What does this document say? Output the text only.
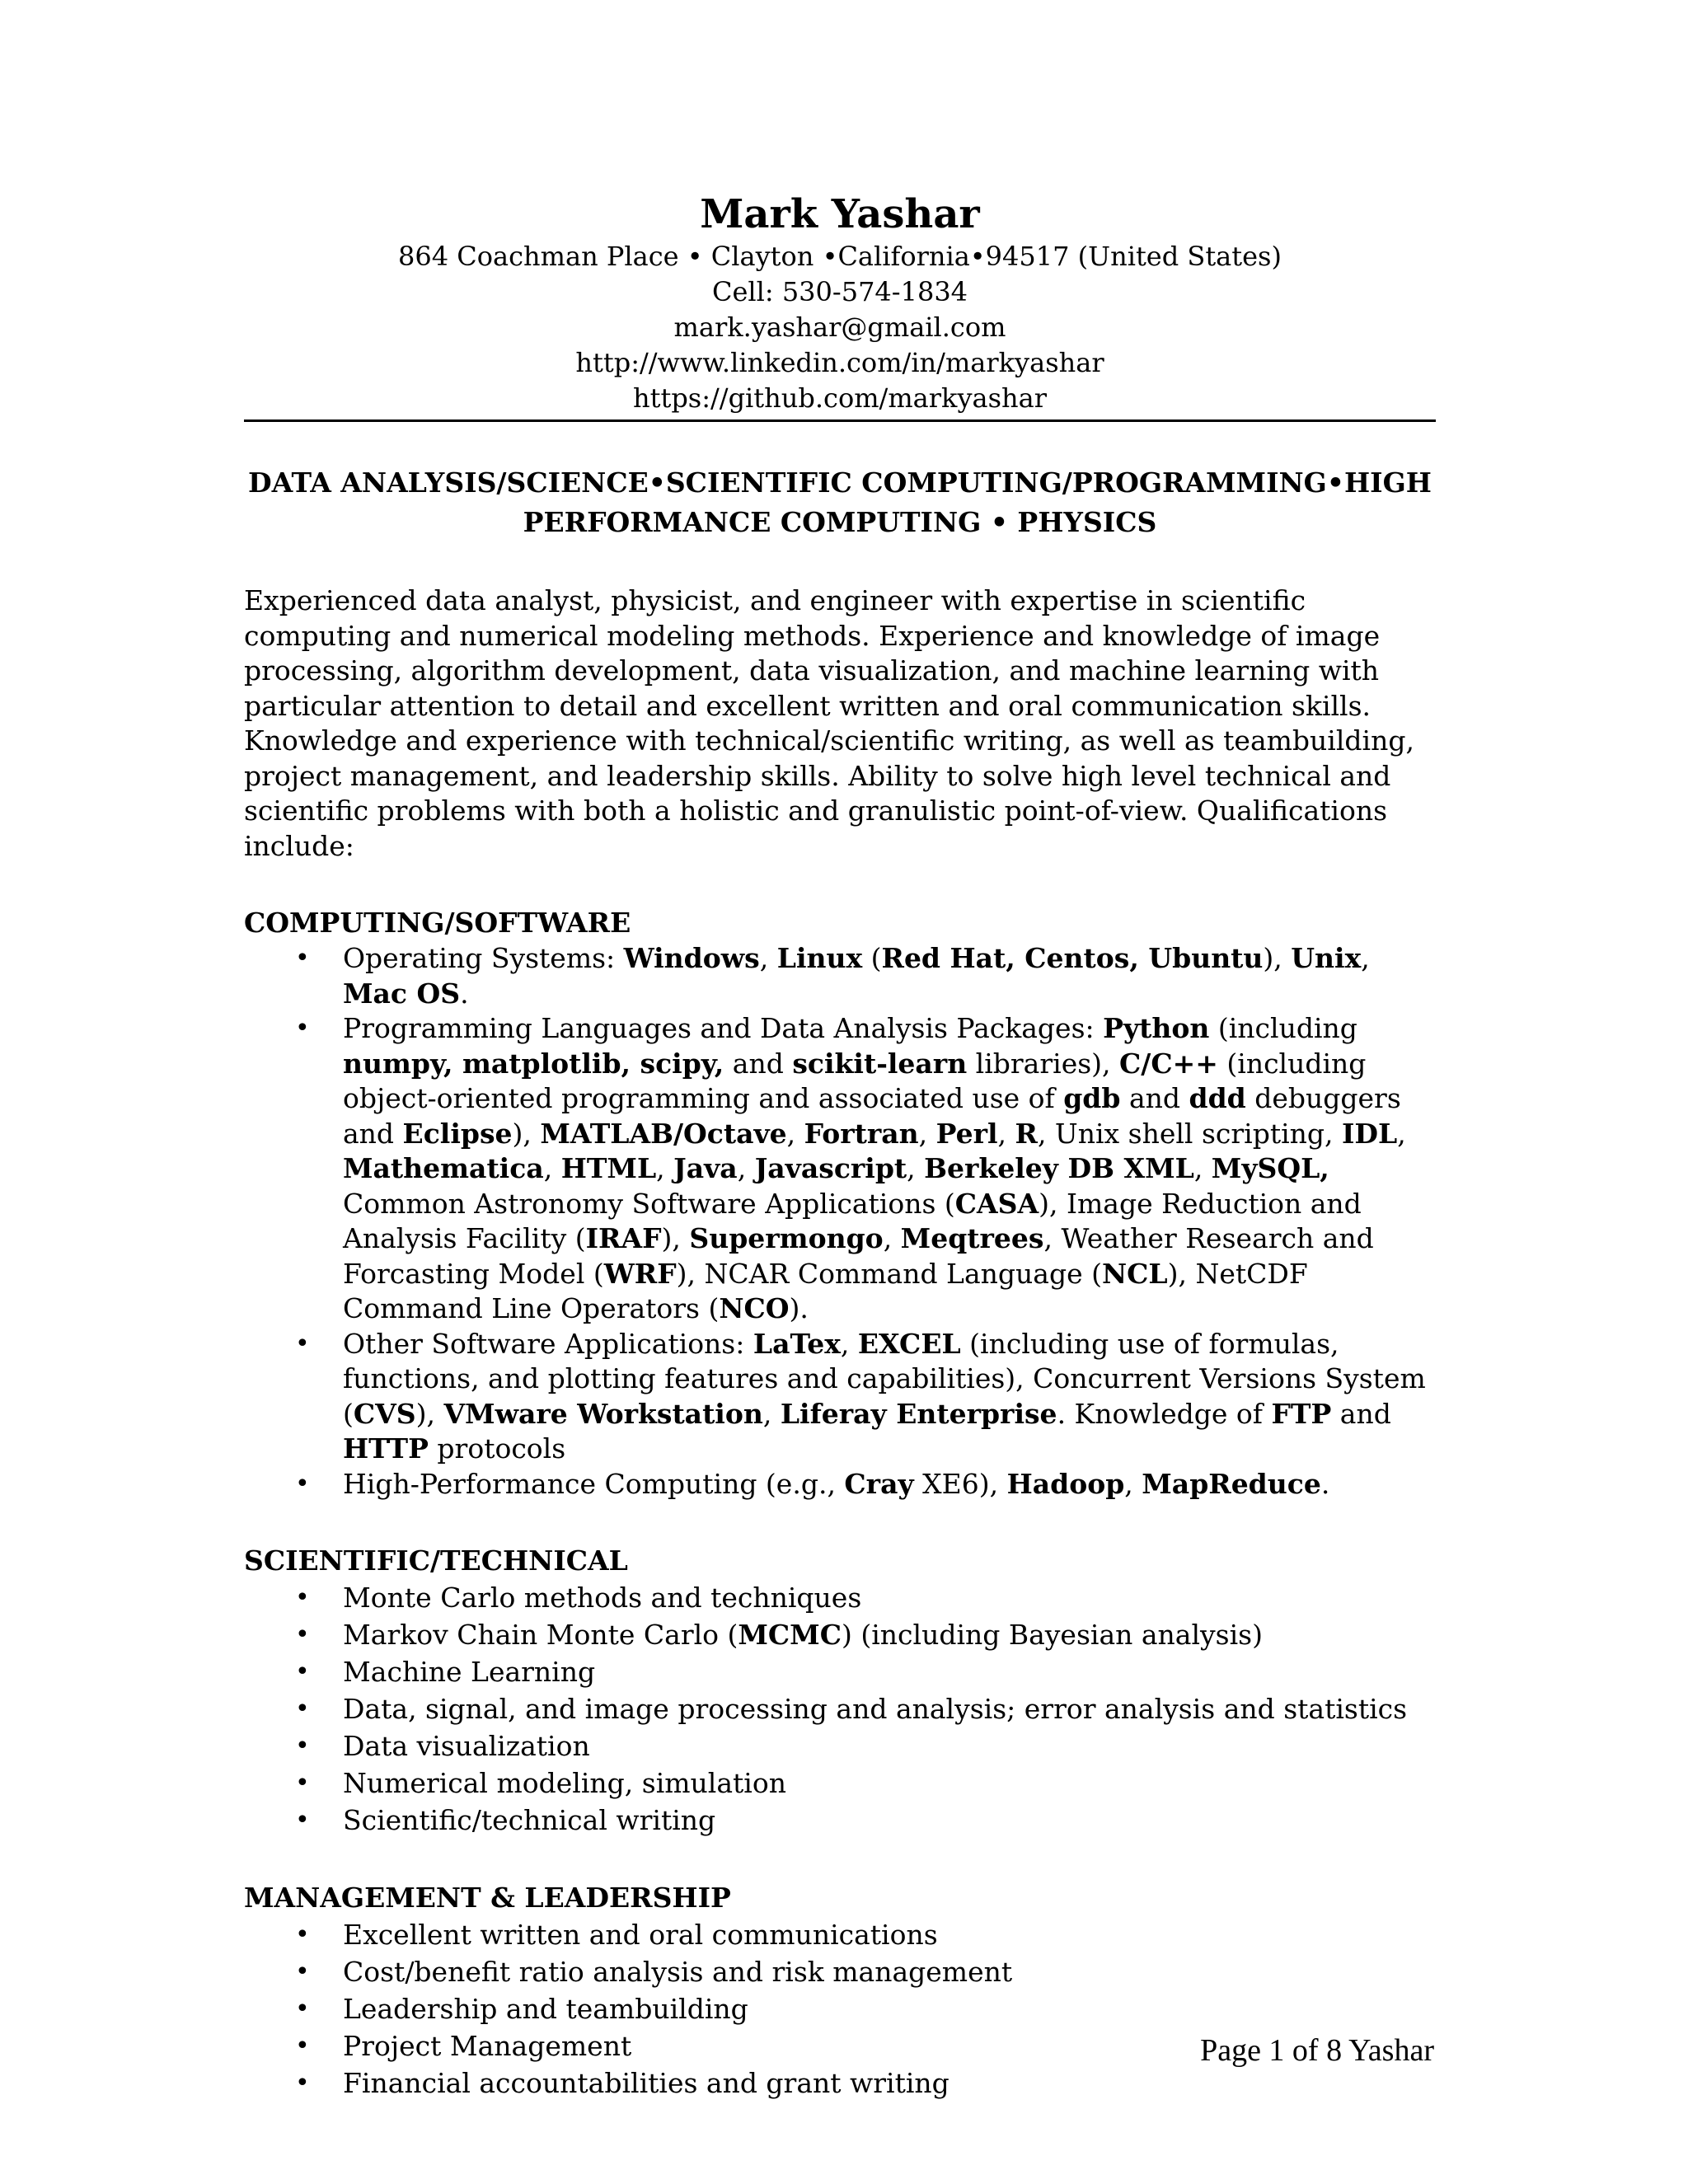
Mark Yashar

864 Coachman Place • Clayton •California•94517 (United States)

Cell: 530-574-1834

mark.yashar@gmail.com

http://www.linkedin.com/in/markyashar

https://github.com/markyashar

DATA ANALYSIS/SCIENCE•SCIENTIFIC COMPUTING/PROGRAMMING•HIGH PERFORMANCE COMPUTING • PHYSICS

Experienced data analyst, physicist, and engineer with expertise in scientific computing and numerical modeling methods. Experience and knowledge of image processing, algorithm development, data visualization, and machine learning with particular attention to detail and excellent written and oral communication skills. Knowledge and experience with technical/scientific writing, as well as teambuilding, project management, and leadership skills. Ability to solve high level technical and scientific problems with both a holistic and granulistic point-of-view. Qualifications include:

COMPUTING/SOFTWARE

• Operating Systems: Windows, Linux (Red Hat, Centos, Ubuntu), Unix, Mac OS.
• Programming Languages and Data Analysis Packages: Python (including numpy, matplotlib, scipy, and scikit-learn libraries), C/C++ (including object-oriented programming and associated use of gdb and ddd debuggers and Eclipse), MATLAB/Octave, Fortran, Perl, R, Unix shell scripting, IDL, Mathematica, HTML, Java, Javascript, Berkeley DB XML, MySQL, Common Astronomy Software Applications (CASA), Image Reduction and Analysis Facility (IRAF), Supermongo, Meqtrees, Weather Research and Forcasting Model (WRF), NCAR Command Language (NCL), NetCDF Command Line Operators (NCO).
• Other Software Applications: LaTex, EXCEL (including use of formulas, functions, and plotting features and capabilities), Concurrent Versions System (CVS), VMware Workstation, Liferay Enterprise. Knowledge of FTP and HTTP protocols
• High-Performance Computing (e.g., Cray XE6), Hadoop, MapReduce.

SCIENTIFIC/TECHNICAL

• Monte Carlo methods and techniques
• Markov Chain Monte Carlo (MCMC) (including Bayesian analysis)
• Machine Learning
• Data, signal, and image processing and analysis; error analysis and statistics
• Data visualization
• Numerical modeling, simulation
• Scientific/technical writing

MANAGEMENT & LEADERSHIP

• Excellent written and oral communications
• Cost/benefit ratio analysis and risk management
• Leadership and teambuilding
• Project Management
• Financial accountabilities and grant writing
Page 1 of 8 Yashar
